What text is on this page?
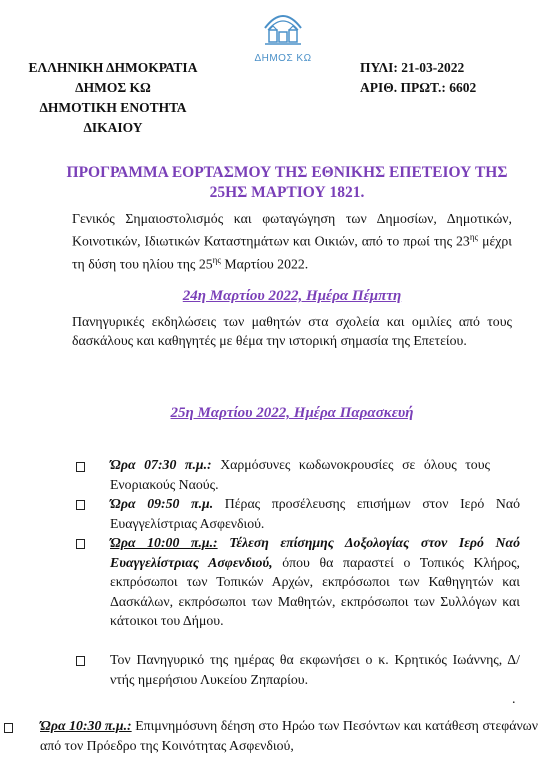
ΔΗΜΟΣ ΚΩ
ΕΛΛΗΝΙΚΗ ΔΗΜΟΚΡΑΤΙΑ
ΔΗΜΟΣ ΚΩ
ΔΗΜΟΤΙΚΗ ΕΝΟΤΗΤΑ
ΔΙΚΑΙΟΥ
ΠΥΛΙ: 21-03-2022
ΑΡΙΘ. ΠΡΩΤ.: 6602
ΠΡΟΓΡΑΜΜΑ ΕΟΡΤΑΣΜΟΥ ΤΗΣ ΕΘΝΙΚΗΣ ΕΠΕΤΕΙΟΥ ΤΗΣ
25ΗΣ ΜΑΡΤΙΟΥ 1821.
Γενικός Σημαιοστολισμός και φωταγώγηση των Δημοσίων, Δημοτικών, Κοινοτικών, Ιδιωτικών Καταστημάτων και Οικιών, από το πρωί της $23^{\eta\varsigma}$ μέχρι τη δύση του ηλίου της $25^{\eta\varsigma}$ Μαρτίου 2022.
24η Μαρτίου 2022, Ημέρα Πέμπτη
Πανηγυρικές εκδηλώσεις των μαθητών στα σχολεία και ομιλίες από τους δασκάλους και καθηγητές με θέμα την ιστορική σημασία της Επετείου.
25η Μαρτίου 2022, Ημέρα Παρασκευή
Ώρα 07:30 π.μ.: Χαρμόσυνες κωδωνοκρουσίες σε όλους τους Ενοριακούς Ναούς.
Ώρα 09:50 π.μ. Πέρας προσέλευσης επισήμων στον Ιερό Ναό Ευαγγελίστριας Ασφενδιού.
Ώρα 10:00 π.μ.: Τέλεση επίσημης Δοξολογίας στον Ιερό Ναό Ευαγγελίστριας Ασφενδιού, όπου θα παραστεί ο Τοπικός Κλήρος, εκπρόσωποι των Τοπικών Αρχών, εκπρόσωποι των Καθηγητών και Δασκάλων, εκπρόσωποι των Μαθητών, εκπρόσωποι των Συλλόγων και κάτοικοι του Δήμου.
Τον Πανηγυρικό της ημέρας θα εκφωνήσει ο κ. Κρητικός Ιωάννης, Δ/ντής ημερήσιου Λυκείου Ζηπαρίου.
.
Ώρα 10:30 π.μ.: Επιμνημόσυνη δέηση στο Ηρώο των Πεσόντων και κατάθεση στεφάνων από τον Πρόεδρο της Κοινότητας Ασφενδιού,
